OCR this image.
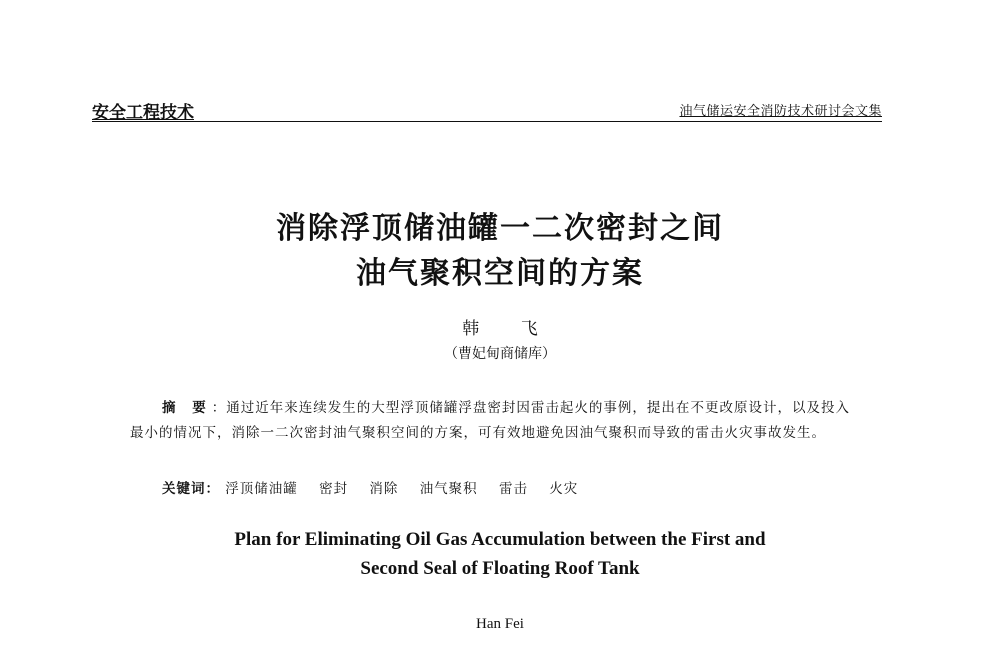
安全工程技术	油气储运安全消防技术研讨会文集
消除浮顶储油罐一二次密封之间
油气聚积空间的方案
韩 飞
（曹妃甸商储库）
摘 要：通过近年来连续发生的大型浮顶储罐浮盘密封因雷击起火的事例，提出在不更改原设计，以及投入最小的情况下，消除一二次密封油气聚积空间的方案，可有效地避免因油气聚积而导致的雷击火灾事故发生。
关键词： 浮顶储油罐 密封 消除 油气聚积 雷击 火灾
Plan for Eliminating Oil Gas Accumulation between the First and
Second Seal of Floating Roof Tank
Han Fei
